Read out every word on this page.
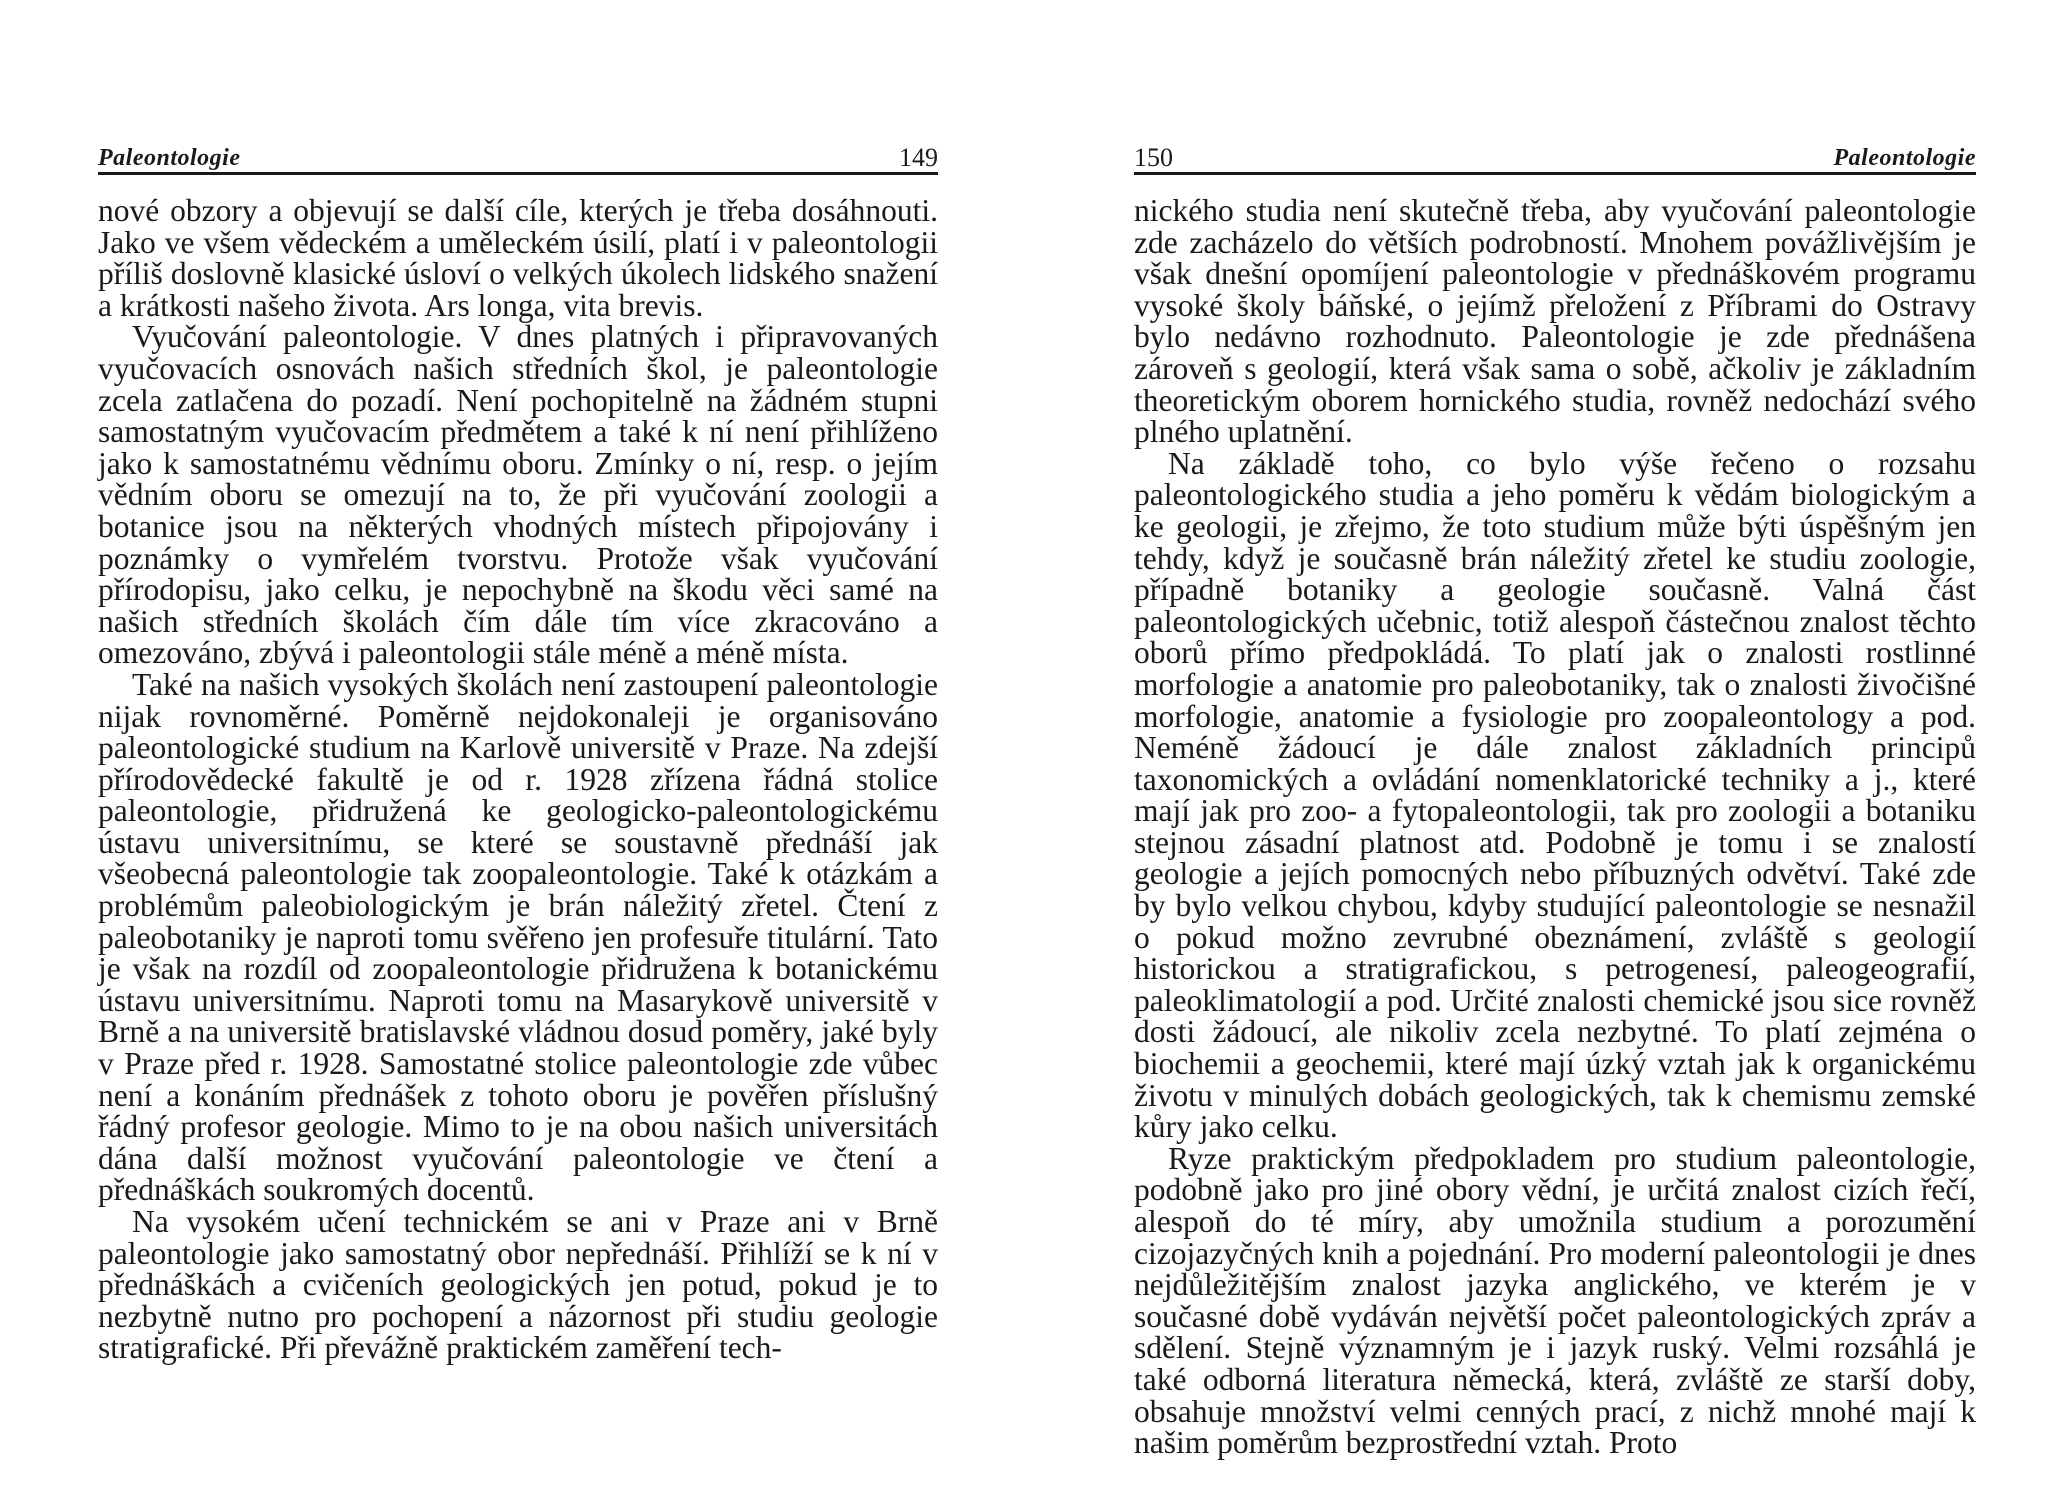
Paleontologie	149

nové obzory a objevují se další cíle, kterých je třeba dosáhnouti. Jako ve všem vědeckém a uměleckém úsilí, platí i v paleontologii příliš doslovně klasické úsloví o velkých úkolech lidského snažení a krátkosti našeho života. Ars longa, vita brevis.

Vyučování paleontologie. V dnes platných i připravovaných vyučovacích osnovách našich středních škol, je paleontologie zcela zatlačena do pozadí. Není pochopitelně na žádném stupni samostatným vyučovacím předmětem a také k ní není přihlíženo jako k samostatnému vědnímu oboru. Zmínky o ní, resp. o jejím vědním oboru se omezují na to, že při vyučování zoologii a botanice jsou na některých vhodných místech připojovány i poznámky o vymřelém tvorstvu. Protože však vyučování přírodopisu, jako celku, je nepochybně na škodu věci samé na našich středních školách čím dále tím více zkracováno a omezováno, zbývá i paleontologii stále méně a méně místa.

Také na našich vysokých školách není zastoupení paleontologie nijak rovnoměrné. Poměrně nejdokonaleji je organisováno paleontologické studium na Karlově universitě v Praze. Na zdejší přírodovědecké fakultě je od r. 1928 zřízena řádná stolice paleontologie, přidružená ke geologicko-paleontologickému ústavu universitnímu, se které se soustavně přednáší jak všeobecná paleontologie tak zoopaleontologie. Také k otázkám a problémům paleobiologickým je brán náležitý zřetel. Čtení z paleobotaniky je naproti tomu svěřeno jen profesuře titulární. Tato je však na rozdíl od zoopaleontologie přidružena k botanickému ústavu universitnímu. Naproti tomu na Masarykově universitě v Brně a na universitě bratislavské vládnou dosud poměry, jaké byly v Praze před r. 1928. Samostatné stolice paleontologie zde vůbec není a konáním přednášek z tohoto oboru je pověřen příslušný řádný profesor geologie. Mimo to je na obou našich universitách dána další možnost vyučování paleontologie ve čtení a přednáškách soukromých docentů.

Na vysokém učení technickém se ani v Praze ani v Brně paleontologie jako samostatný obor nepřednáší. Přihlíží se k ní v přednáškách a cvičeních geologických jen potud, pokud je to nezbytně nutno pro pochopení a názornost při studiu geologie stratigrafické. Při převážně praktickém zaměření tech-

150	Paleontologie

nického studia není skutečně třeba, aby vyučování paleontologie zde zacházelo do větších podrobností. Mnohem povážlivějším je však dnešní opomíjení paleontologie v přednáškovém programu vysoké školy báňské, o jejímž přeložení z Příbrami do Ostravy bylo nedávno rozhodnuto. Paleontologie je zde přednášena zároveň s geologií, která však sama o sobě, ačkoliv je základním theoretickým oborem hornického studia, rovněž nedochází svého plného uplatnění.

Na základě toho, co bylo výše řečeno o rozsahu paleontologického studia a jeho poměru k vědám biologickým a ke geologii, je zřejmo, že toto studium může býti úspěšným jen tehdy, když je současně brán náležitý zřetel ke studiu zoologie, případně botaniky a geologie současně. Valná část paleontologických učebnic, totiž alespoň částečnou znalost těchto oborů přímo předpokládá. To platí jak o znalosti rostlinné morfologie a anatomie pro paleobotaniky, tak o znalosti živočišné morfologie, anatomie a fysiologie pro zoopaleontology a pod. Neméně žádoucí je dále znalost základních principů taxonomických a ovládání nomenklatorické techniky a j., které mají jak pro zoo- a fytopaleontologii, tak pro zoologii a botaniku stejnou zásadní platnost atd. Podobně je tomu i se znalostí geologie a jejích pomocných nebo příbuzných odvětví. Také zde by bylo velkou chybou, kdyby studující paleontologie se nesnažil o pokud možno zevrubné obeznámení, zvláště s geologií historickou a stratigrafickou, s petrogenesí, paleogeografií, paleoklimatologií a pod. Určité znalosti chemické jsou sice rovněž dosti žádoucí, ale nikoliv zcela nezbytné. To platí zejména o biochemii a geochemii, které mají úzký vztah jak k organickému životu v minulých dobách geologických, tak k chemismu zemské kůry jako celku.

Ryze praktickým předpokladem pro studium paleontologie, podobně jako pro jiné obory vědní, je určitá znalost cizích řečí, alespoň do té míry, aby umožnila studium a porozumění cizojazyčných knih a pojednání. Pro moderní paleontologii je dnes nejdůležitějším znalost jazyka anglického, ve kterém je v současné době vydáván největší počet paleontologických zpráv a sdělení. Stejně významným je i jazyk ruský. Velmi rozsáhlá je také odborná literatura německá, která, zvláště ze starší doby, obsahuje množství velmi cenných prací, z nichž mnohé mají k našim poměrům bezprostřední vztah. Proto
